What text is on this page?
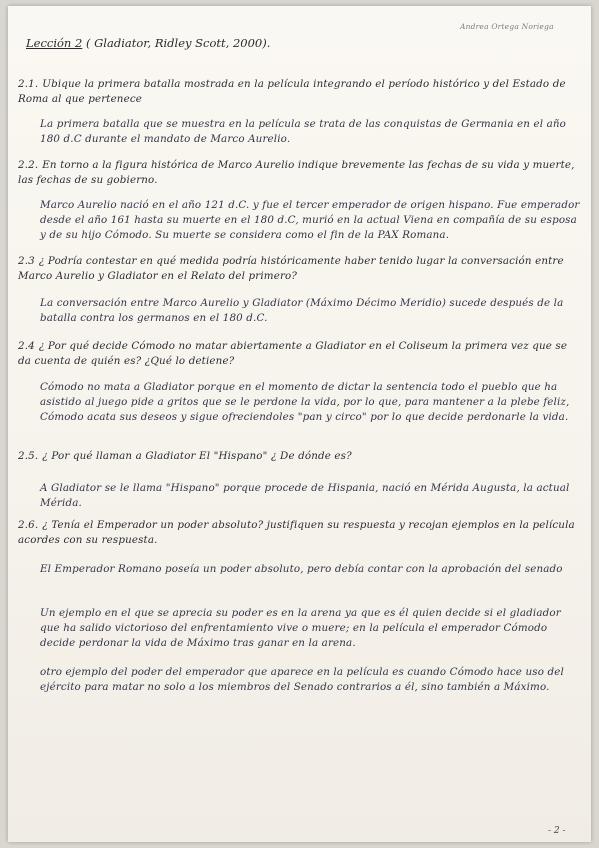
Andrea Ortega Noriega
Lección 2 ( Gladiator, Ridley Scott, 2000).
2.1. Ubique la primera batalla mostrada en la película integrando el período histórico y del Estado de Roma al que pertenece
La primera batalla que se muestra en la película se trata de las conquistas de Germania en el año 180 d.C durante el mandato de Marco Aurelio.
2.2. En torno a la figura histórica de Marco Aurelio indique brevemente las fechas de su vida y muerte, las fechas de su gobierno.
Marco Aurelio nació en el año 121 d.C. y fue el tercer emperador de origen hispano. Fue emperador desde el año 161 hasta su muerte en el 180 d.C, murió en la actual Viena en compañía de su esposa y de su hijo Cómodo. Su muerte se considera como el fin de la PAX Romana.
2.3 ¿ Podría contestar en qué medida podría históricamente haber tenido lugar la conversación entre Marco Aurelio y Gladiator en el Relato del primero?
La conversación entre Marco Aurelio y Gladiator (Máximo Décimo Meridio) sucede después de la batalla contra los germanos en el 180 d.C.
2.4 ¿ Por qué decide Cómodo no matar abiertamente a Gladiator en el Coliseum la primera vez que se da cuenta de quién es? ¿Qué lo detiene?
Cómodo no mata a Gladiator porque en el momento de dictar la sentencia todo el pueblo que ha asistido al juego pide a gritos que se le perdone la vida, por lo que, para mantener a la plebe feliz, Cómodo acata sus deseos y sigue ofreciendoles "pan y circo" por lo que decide perdonarle la vida.
2.5. ¿ Por qué llaman a Gladiator El "Hispano" ¿ De dónde es?
A Gladiator se le llama "Hispano" porque procede de Hispania, nació en Mérida Augusta, la actual Mérida.
2.6. ¿ Tenía el Emperador un poder absoluto? justifiquen su respuesta y recojan ejemplos en la película acordes con su respuesta.
El Emperador Romano poseía un poder absoluto, pero debía contar con la aprobación del senado
Un ejemplo en el que se aprecia su poder es en la arena ya que es él quien decide si el gladiador que ha salido victorioso del enfrentamiento vive o muere; en la película el emperador Cómodo decide perdonar la vida de Máximo tras ganar en la arena.
otro ejemplo del poder del emperador que aparece en la película es cuando Cómodo hace uso del ejército para matar no solo a los miembros del Senado contrarios a él, sino también a Máximo.
- 2 -
